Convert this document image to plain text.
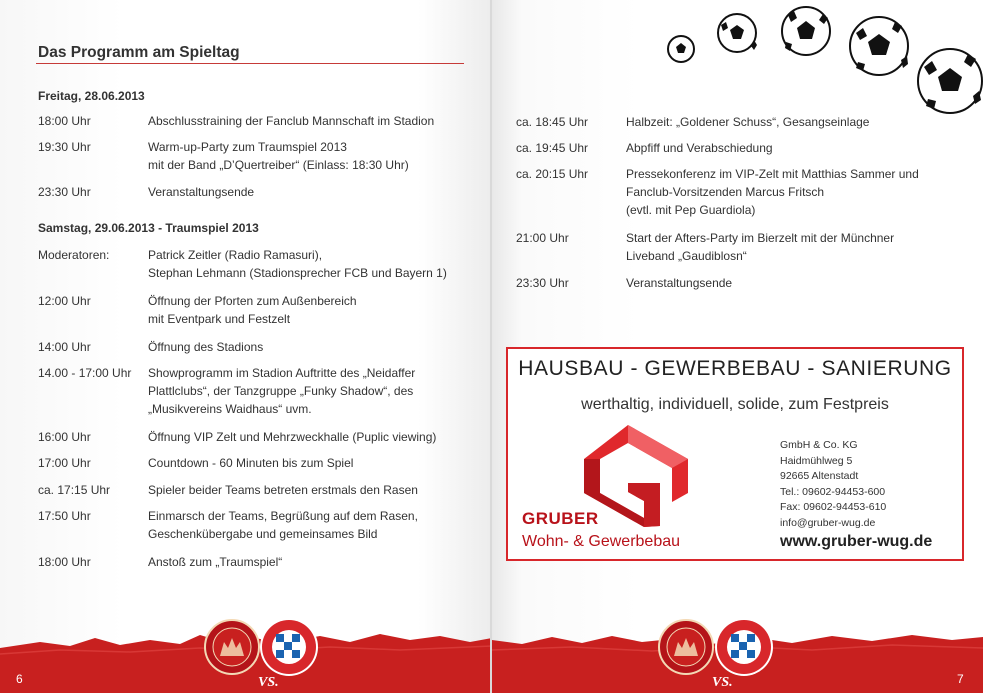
Das Programm am Spieltag
Freitag, 28.06.2013
18:00 Uhr	Abschlusstraining der Fanclub Mannschaft im Stadion
19:30 Uhr	Warm-up-Party zum Traumspiel 2013
mit der Band „D’Quertreiber“ (Einlass: 18:30 Uhr)
23:30 Uhr	Veranstaltungsende
Samstag, 29.06.2013 - Traumspiel 2013
Moderatoren:	Patrick Zeitler (Radio Ramasuri),
Stephan Lehmann (Stadionsprecher FCB und Bayern 1)
12:00 Uhr	Öffnung der Pforten zum Außenbereich
mit Eventpark und Festzelt
14:00 Uhr	Öffnung des Stadions
14.00 - 17:00 Uhr Showprogramm im Stadion Auftritte des „Neidaffer
Plattlclubs“, der Tanzgruppe „Funky Shadow“, des
„Musikvereins Waidhaus“ uvm.
16:00 Uhr	Öffnung VIP Zelt und Mehrzweckhalle (Puplic viewing)
17:00 Uhr	Countdown - 60 Minuten bis zum Spiel
ca. 17:15 Uhr	Spieler beider Teams betreten erstmals den Rasen
17:50 Uhr	Einmarsch der Teams, Begrüßung auf dem Rasen,
Geschenkübergabe und gemeinsames Bild
18:00 Uhr	Anstoß zum „Traumspiel“
VS.
6
ca. 18:45 Uhr	Halbzeit: „Goldener Schuss“, Gesangseinlage
ca. 19:45 Uhr	Abpfiff und Verabschiedung
ca. 20:15 Uhr	Pressekonferenz im VIP-Zelt mit Matthias Sammer und
Fanclub-Vorsitzenden Marcus Fritsch
(evtl. mit Pep Guardiola)
21:00 Uhr	Start der Afters-Party im Bierzelt mit der Münchner
Liveband „Gaudiblosn“
23:30 Uhr	Veranstaltungsende
HAUSBAU - GEWERBEBAU - SANIERUNG
werthaltig, individuell, solide, zum Festpreis
GRUBER
Wohn- & Gewerbebau
GmbH & Co. KG
Haidmühlweg 5
92665 Altenstadt
Tel.: 09602-94453-600
Fax: 09602-94453-610
info@gruber-wug.de
www.gruber-wug.de
VS.	7
